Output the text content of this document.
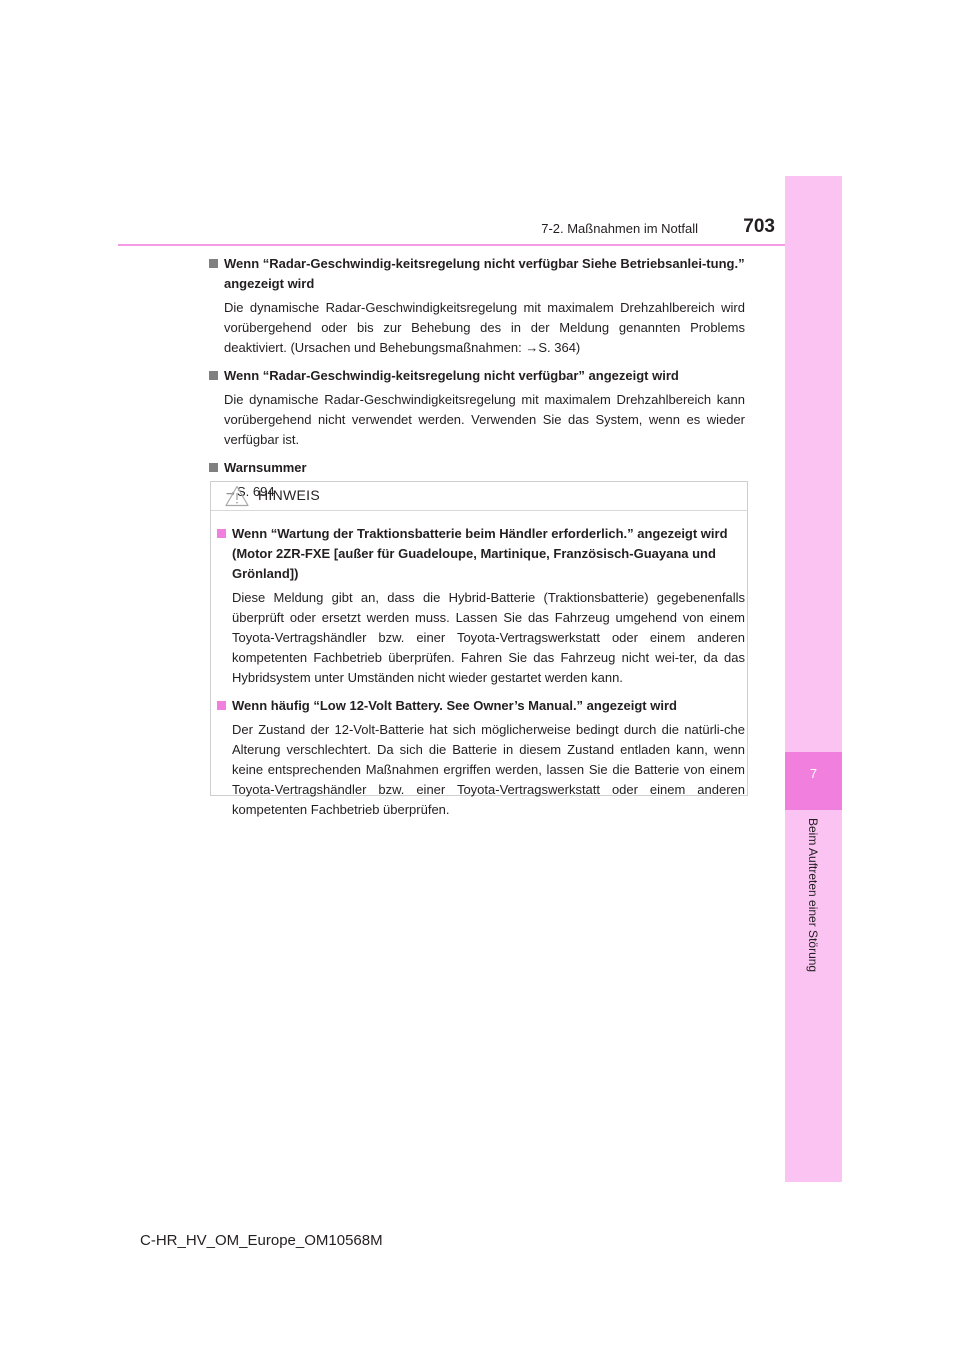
7
Beim Auftreten einer Störung
7-2. Maßnahmen im Notfall	703

Wenn “Radar-Geschwindig-keitsregelung nicht verfügbar Siehe Betriebsanlei-tung.” angezeigt wird

Die dynamische Radar-Geschwindigkeitsregelung mit maximalem Drehzahlbereich wird vorübergehend oder bis zur Behebung des in der Meldung genannten Problems deaktiviert. (Ursachen und Behebungsmaßnahmen: →S. 364)

Wenn “Radar-Geschwindig-keitsregelung nicht verfügbar” angezeigt wird

Die dynamische Radar-Geschwindigkeitsregelung mit maximalem Drehzahlbereich kann vorübergehend nicht verwendet werden. Verwenden Sie das System, wenn es wieder verfügbar ist.

Warnsummer

→S. 694
HINWEIS

Wenn “Wartung der Traktionsbatterie beim Händler erforderlich.” angezeigt wird (Motor 2ZR-FXE [außer für Guadeloupe, Martinique, Französisch-Guayana und Grönland])

Diese Meldung gibt an, dass die Hybrid-Batterie (Traktionsbatterie) gegebenenfalls überprüft oder ersetzt werden muss. Lassen Sie das Fahrzeug umgehend von einem Toyota-Vertragshändler bzw. einer Toyota-Vertragswerkstatt oder einem anderen kompetenten Fachbetrieb überprüfen. Fahren Sie das Fahrzeug nicht wei-ter, da das Hybridsystem unter Umständen nicht wieder gestartet werden kann.

Wenn häufig “Low 12-Volt Battery. See Owner’s Manual.” angezeigt wird

Der Zustand der 12-Volt-Batterie hat sich möglicherweise bedingt durch die natürli-che Alterung verschlechtert. Da sich die Batterie in diesem Zustand entladen kann, wenn keine entsprechenden Maßnahmen ergriffen werden, lassen Sie die Batterie von einem Toyota-Vertragshändler bzw. einer Toyota-Vertragswerkstatt oder einem anderen kompetenten Fachbetrieb überprüfen.
C-HR_HV_OM_Europe_OM10568M
